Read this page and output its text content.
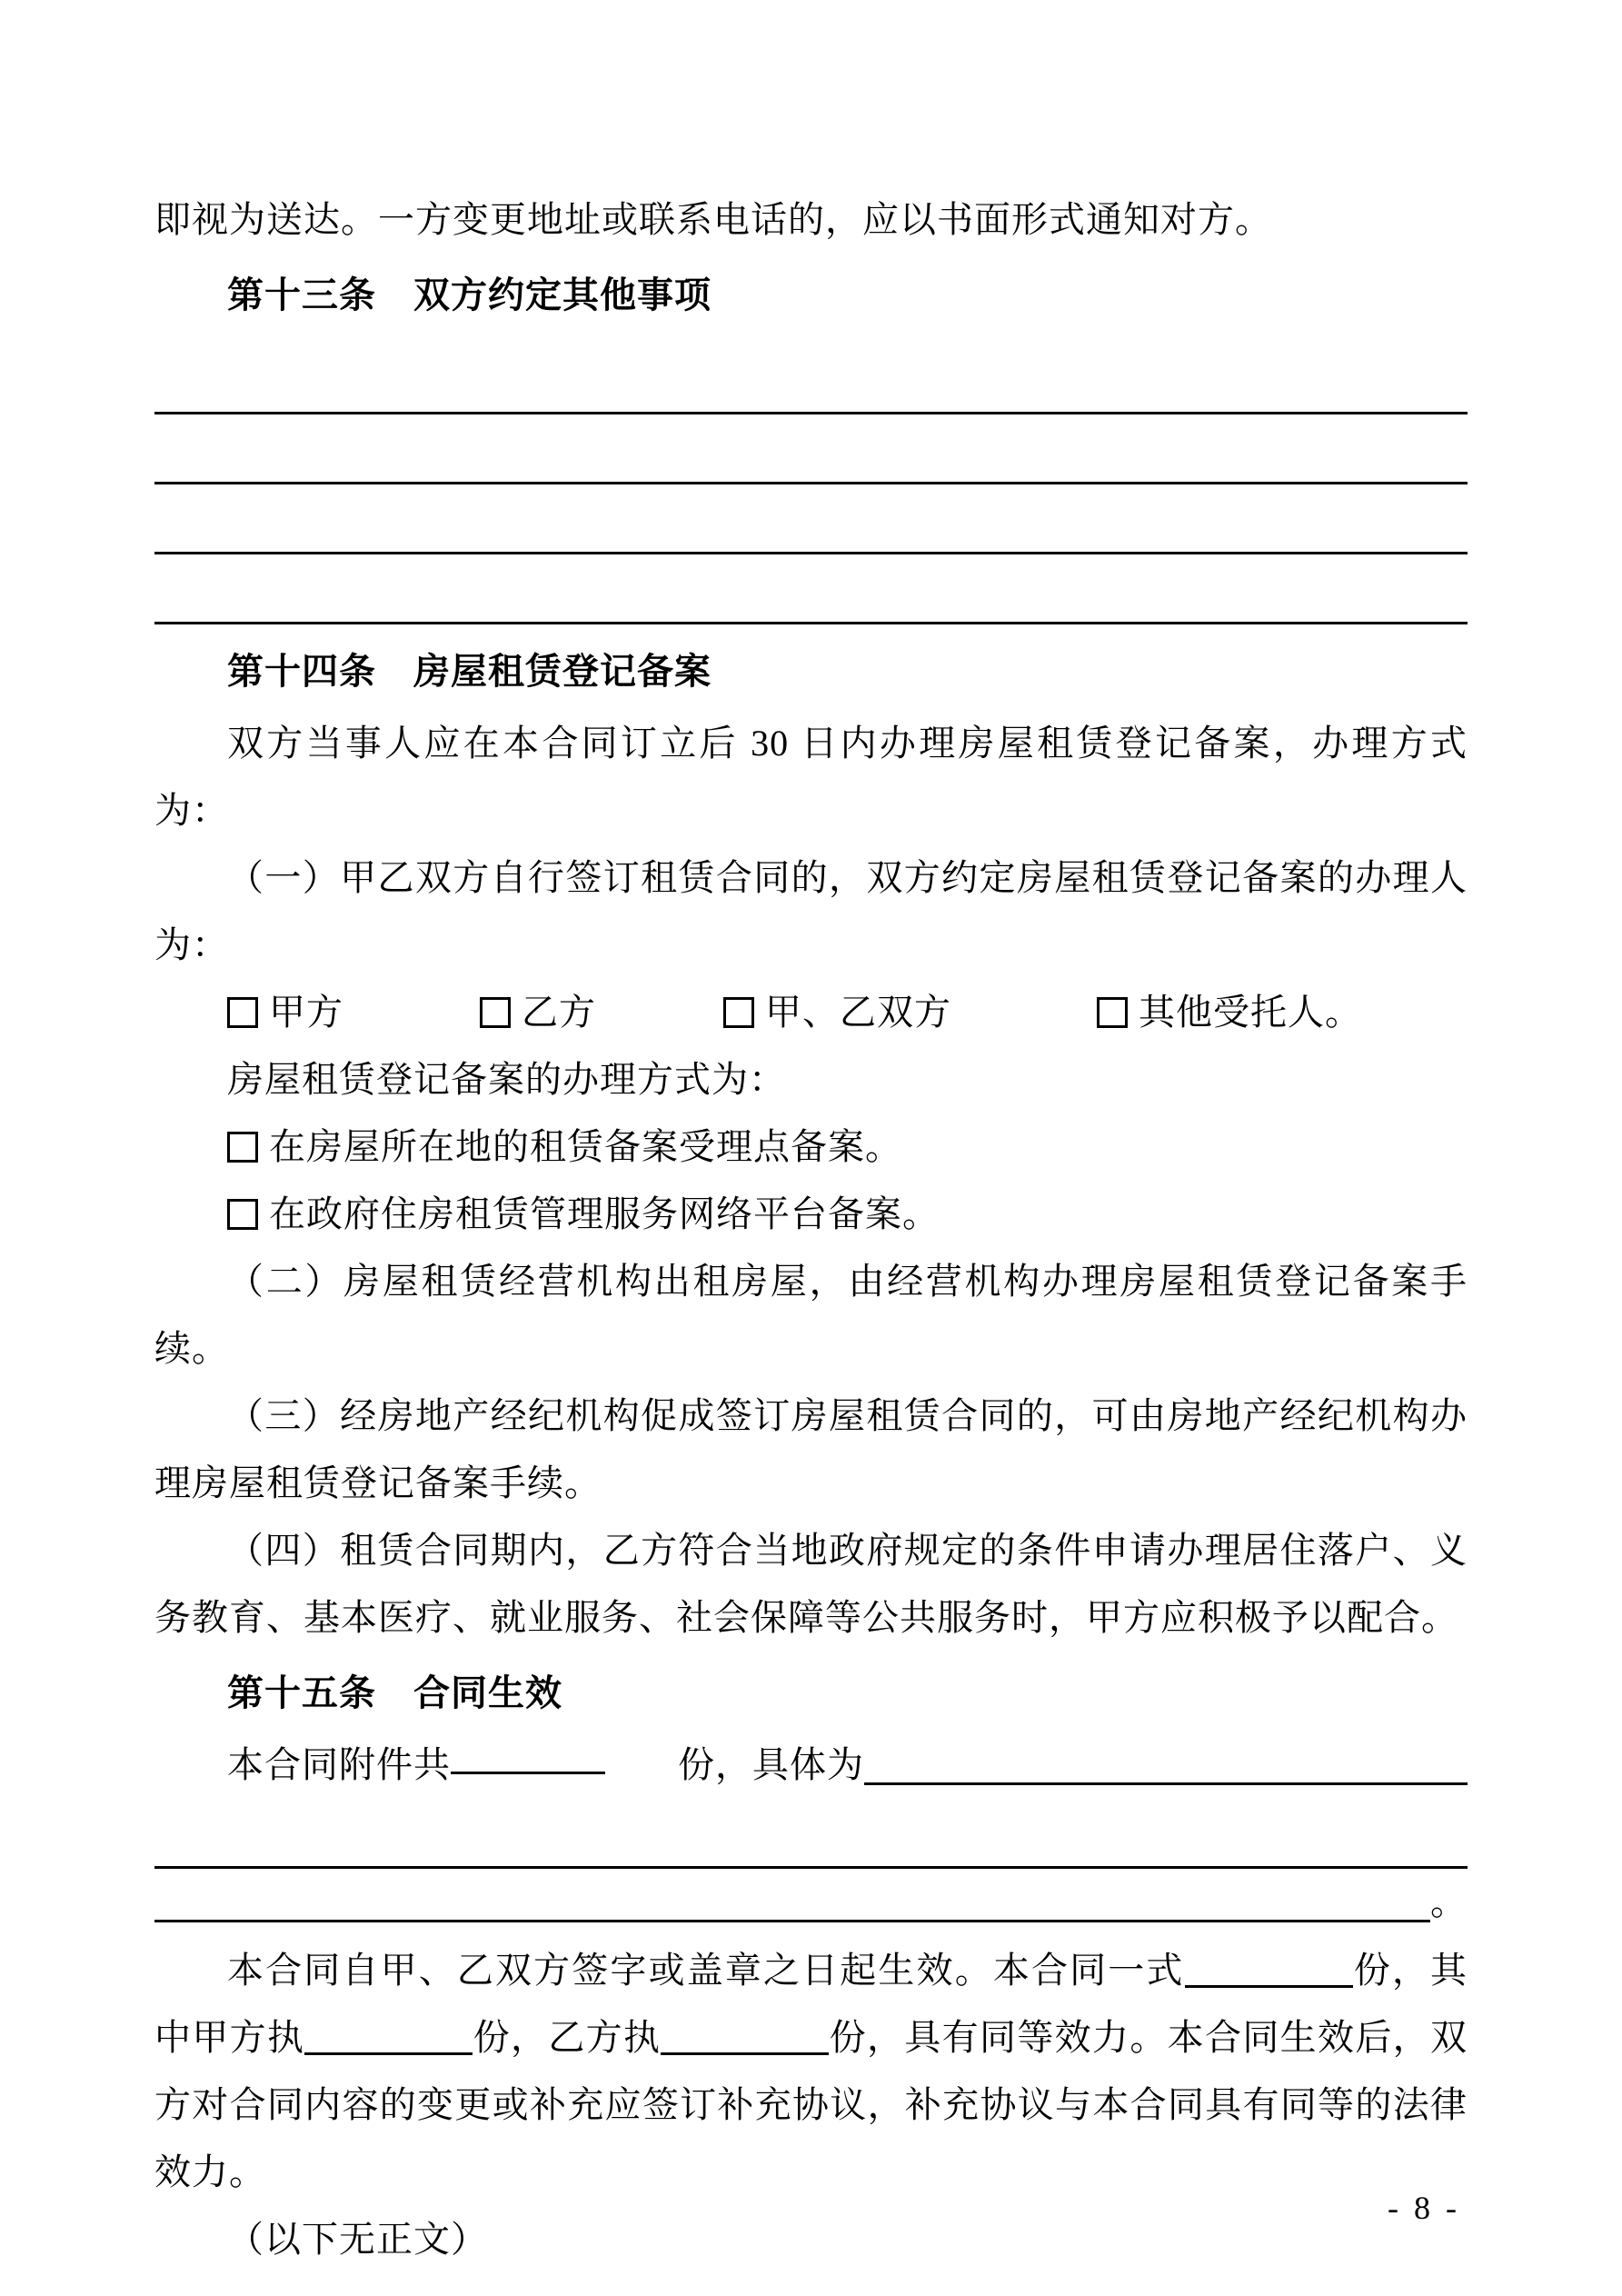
即视为送达。一方变更地址或联系电话的，应以书面形式通知对方。

第十三条　双方约定其他事项
第十四条　房屋租赁登记备案

双方当事人应在本合同订立后 30 日内办理房屋租赁登记备案，办理方式为：

（一）甲乙双方自行签订租赁合同的，双方约定房屋租赁登记备案的办理人为：

甲方	乙方	甲、乙双方	其他受托人。

房屋租赁登记备案的办理方式为：

在房屋所在地的租赁备案受理点备案。
在政府住房租赁管理服务网络平台备案。

（二）房屋租赁经营机构出租房屋，由经营机构办理房屋租赁登记备案手续。

（三）经房地产经纪机构促成签订房屋租赁合同的，可由房地产经纪机构办理房屋租赁登记备案手续。

（四）租赁合同期内，乙方符合当地政府规定的条件申请办理居住落户、义务教育、基本医疗、就业服务、社会保障等公共服务时，甲方应积极予以配合。

第十五条　合同生效
本合同附件共	份，具体为
。

本合同自甲、乙双方签字或盖章之日起生效。本合同一式	份，其中甲方执	份，乙方执	份，具有同等效力。本合同生效后，双方对合同内容的变更或补充应签订补充协议，补充协议与本合同具有同等的法律效力。

（以下无正文）

- 8 -
